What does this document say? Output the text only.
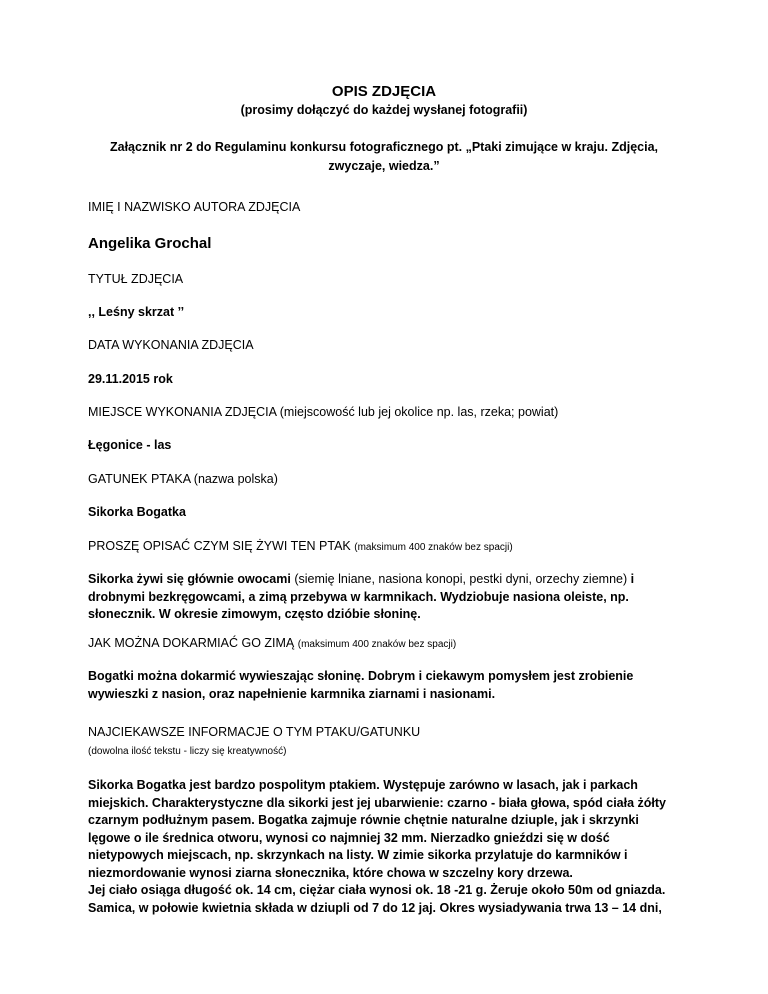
OPIS ZDJĘCIA
(prosimy dołączyć do każdej wysłanej fotografii)
Załącznik nr 2 do Regulaminu konkursu fotograficznego pt. „Ptaki zimujące w kraju. Zdjęcia, zwyczaje, wiedza.”
IMIĘ I NAZWISKO AUTORA ZDJĘCIA
Angelika Grochal
TYTUŁ ZDJĘCIA
,, Leśny skrzat ’’
DATA WYKONANIA ZDJĘCIA
29.11.2015 rok
MIEJSCE WYKONANIA ZDJĘCIA (miejscowość lub jej okolice np. las, rzeka; powiat)
Łęgonice - las
GATUNEK PTAKA (nazwa polska)
Sikorka Bogatka
PROSZĘ OPISAĆ CZYM SIĘ ŻYWI TEN PTAK (maksimum 400 znaków bez spacji)
Sikorka żywi się głównie owocami (siemię lniane, nasiona konopi, pestki dyni, orzechy ziemne) i drobnymi bezkręgowcami, a zimą przebywa w karmnikach. Wydziobuje nasiona oleiste, np. słonecznik. W okresie zimowym, często dzióbie słoninę.
JAK MOŻNA DOKARMIAĆ GO ZIMĄ (maksimum 400 znaków bez spacji)
Bogatki można dokarmić wywieszając słoninę. Dobrym i ciekawym pomysłem jest zrobienie wywieszki z nasion, oraz napełnienie karmnika ziarnami i nasionami.
NAJCIEKAWSZE INFORMACJE O TYM PTAKU/GATUNKU
(dowolna ilość tekstu - liczy się kreatywność)
Sikorka Bogatka jest bardzo pospolitym ptakiem. Występuje zarówno w lasach, jak i parkach miejskich. Charakterystyczne dla sikorki jest jej ubarwienie: czarno - biała głowa, spód ciała żółty czarnym podłużnym pasem. Bogatka zajmuje równie chętnie naturalne dziuple, jak i skrzynki lęgowe o ile średnica otworu, wynosi co najmniej 32 mm. Nierzadko gnieździ się w dość nietypowych miejscach, np. skrzynkach na listy. W zimie sikorka przylatuje do karmników i niezmordowanie wynosi ziarna słonecznika, które chowa w szczelny kory drzewa.
Jej ciało osiąga długość ok. 14 cm, ciężar ciała wynosi ok. 18 -21 g. Żeruje około 50m od gniazda. Samica, w połowie kwietnia składa w dziupli od 7 do 12 jaj. Okres wysiadywania trwa 13 – 14 dni,
